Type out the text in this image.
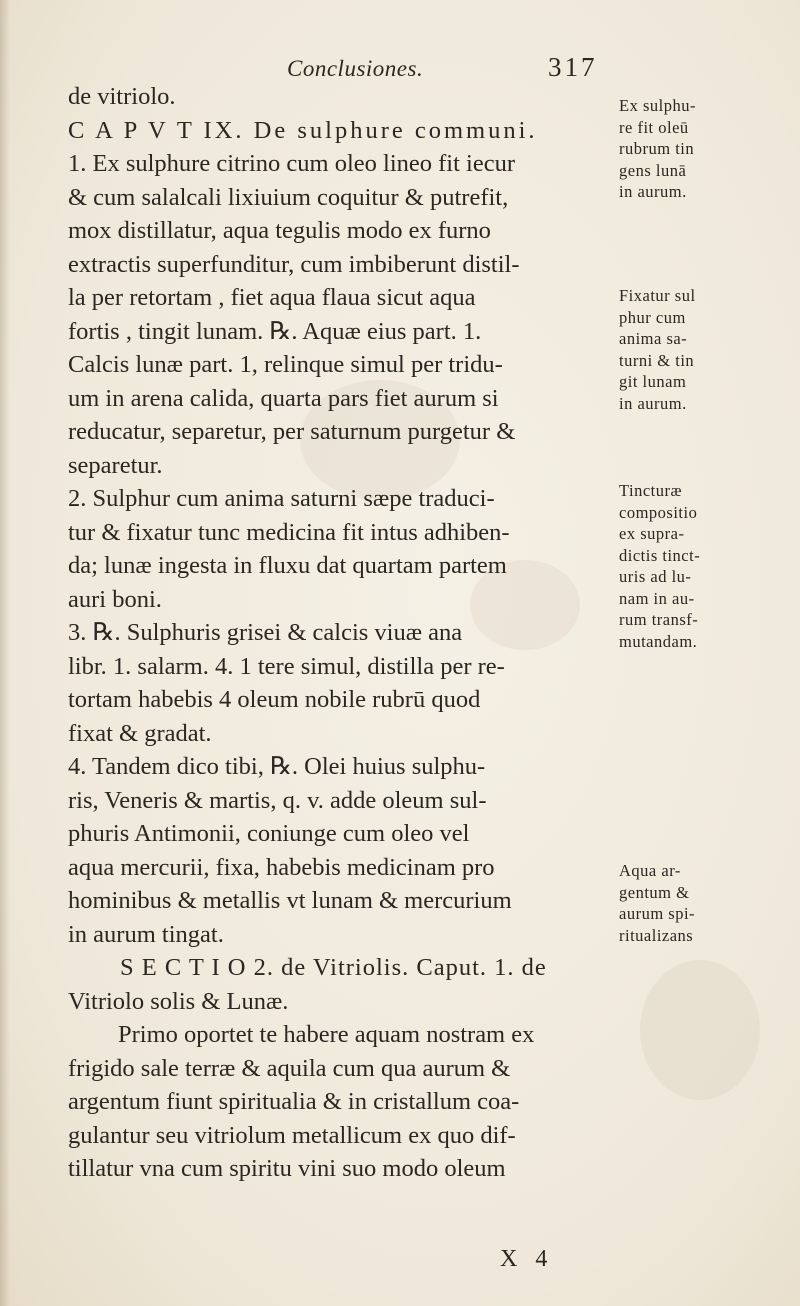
Conclusiones.	317
de vitriolo.
C A P V T IX. De sulphure communi.
1. Ex sulphure citrino cum oleo lineo fit iecur
& cum salalcali lixiuium coquitur & putrefit,
mox distillatur, aqua tegulis modo ex furno
extractis superfunditur, cum imbiberunt distil-
la per retortam , fiet aqua flaua sicut aqua
fortis , tingit lunam. ℞. Aquæ eius part. 1.
Calcis lunæ part. 1, relinque simul per tridu-
um in arena calida, quarta pars fiet aurum si
reducatur, separetur, per saturnum purgetur &
separetur.
2. Sulphur cum anima saturni sæpe traduci-
tur & fixatur tunc medicina fit intus adhiben-
da; lunæ ingesta in fluxu dat quartam partem
auri boni.
3. ℞. Sulphuris grisei & calcis viuæ ana
libr. 1. salarm. 4. 1 tere simul, distilla per re-
tortam habebis 4 oleum nobile rubrū quod
fixat & gradat.
4. Tandem dico tibi, ℞. Olei huius sulphu-
ris, Veneris & martis, q. v. adde oleum sul-
phuris Antimonii, coniunge cum oleo vel
aqua mercurii, fixa, habebis medicinam pro
hominibus & metallis vt lunam & mercurium
in aurum tingat.
S E C T I O 2. de Vitriolis. Caput. 1. de
Vitriolo solis & Lunæ.
Primo oportet te habere aquam nostram ex
frigido sale terræ & aquila cum qua aurum &
argentum fiunt spiritualia & in cristallum coa-
gulantur seu vitriolum metallicum ex quo dif-
tillatur vna cum spiritu vini suo modo oleum
Ex sulphu-
re fit oleū
rubrum tin
gens lunā
in aurum.
Fixatur sul
phur cum
anima sa-
turni & tin
git lunam
in aurum.
Tincturæ
compositio
ex supra-
dictis tinct-
uris ad lu-
nam in au-
rum transf-
mutandam.
Aqua ar-
gentum &
aurum spi-
ritualizans
X 4
